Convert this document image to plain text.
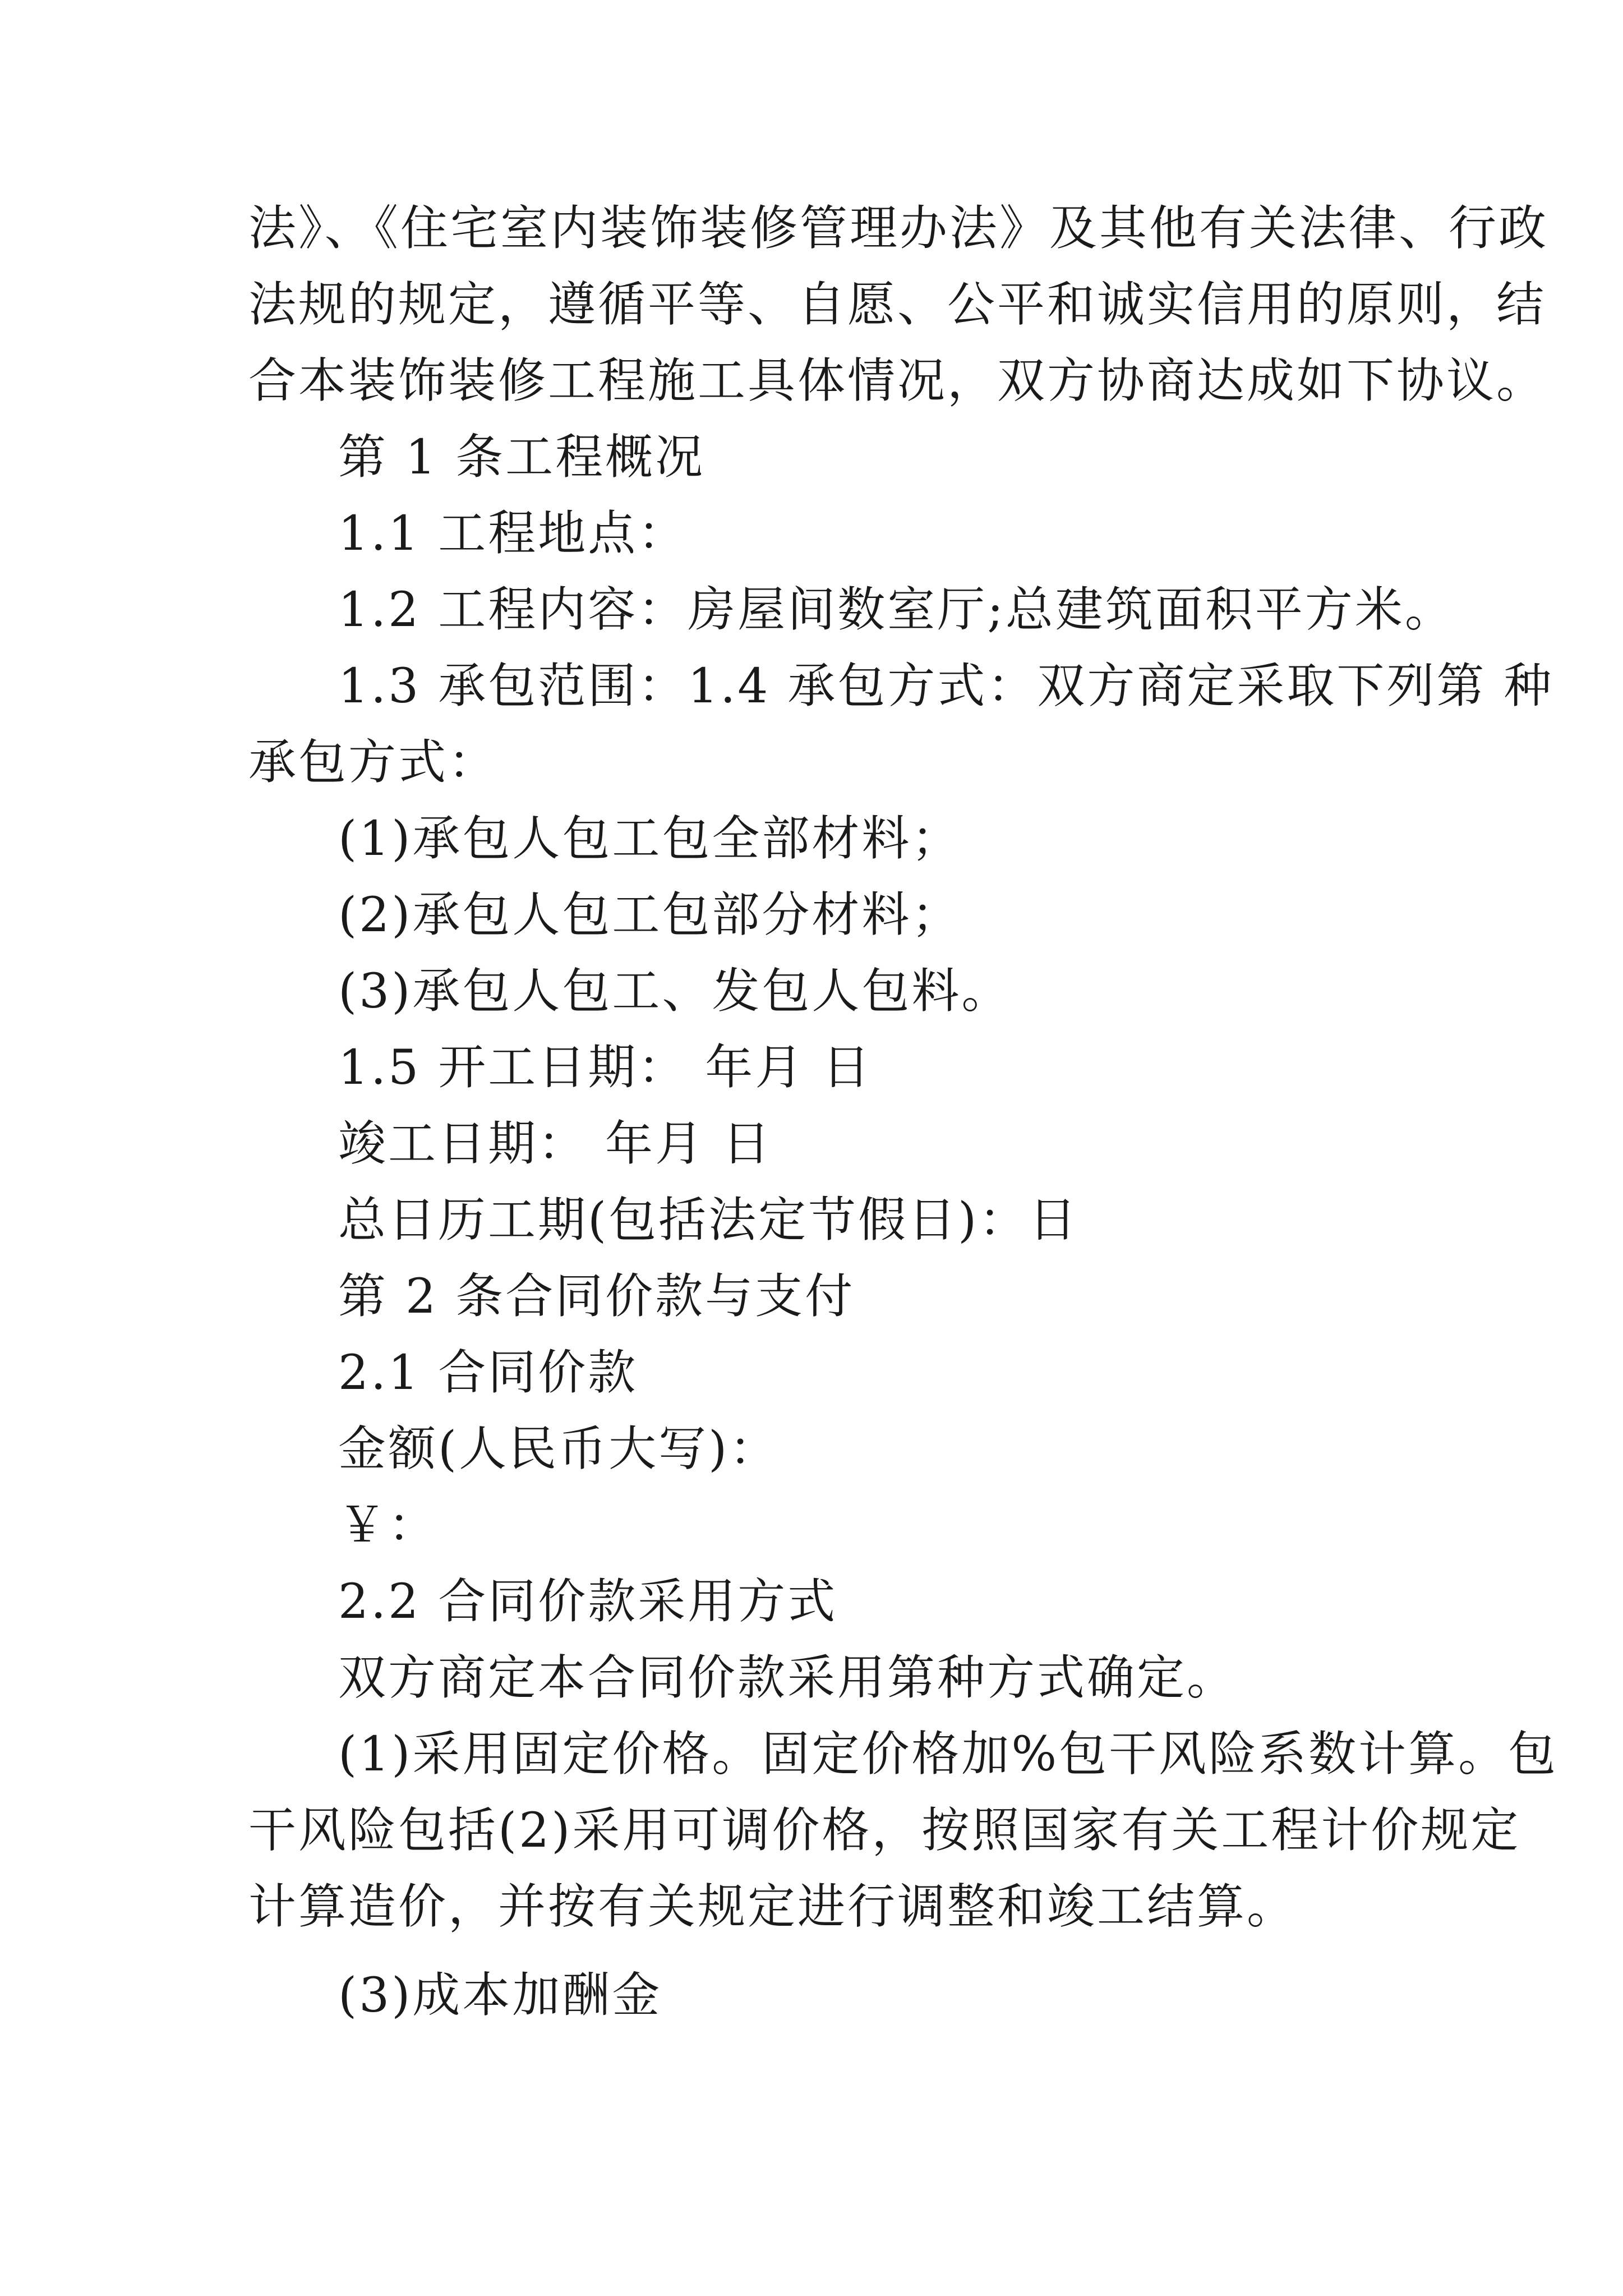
法》、《住宅室内装饰装修管理办法》及其他有关法律、行政

法规的规定，遵循平等、自愿、公平和诚实信用的原则，结

合本装饰装修工程施工具体情况，双方协商达成如下协议。

第 1 条工程概况

1.1 工程地点：

1.2 工程内容：房屋间数室厅;总建筑面积平方米。

1.3 承包范围：1.4 承包方式：双方商定采取下列第 种

承包方式：

(1)承包人包工包全部材料；

(2)承包人包工包部分材料；

(3)承包人包工、发包人包料。

1.5 开工日期： 年月 日

竣工日期： 年月 日

总日历工期(包括法定节假日)：日

第 2 条合同价款与支付

2.1 合同价款

金额(人民币大写)：

￥：

2.2 合同价款采用方式

双方商定本合同价款采用第种方式确定。

(1)采用固定价格。固定价格加%包干风险系数计算。包

干风险包括(2)采用可调价格，按照国家有关工程计价规定

计算造价，并按有关规定进行调整和竣工结算。

(3)成本加酬金
